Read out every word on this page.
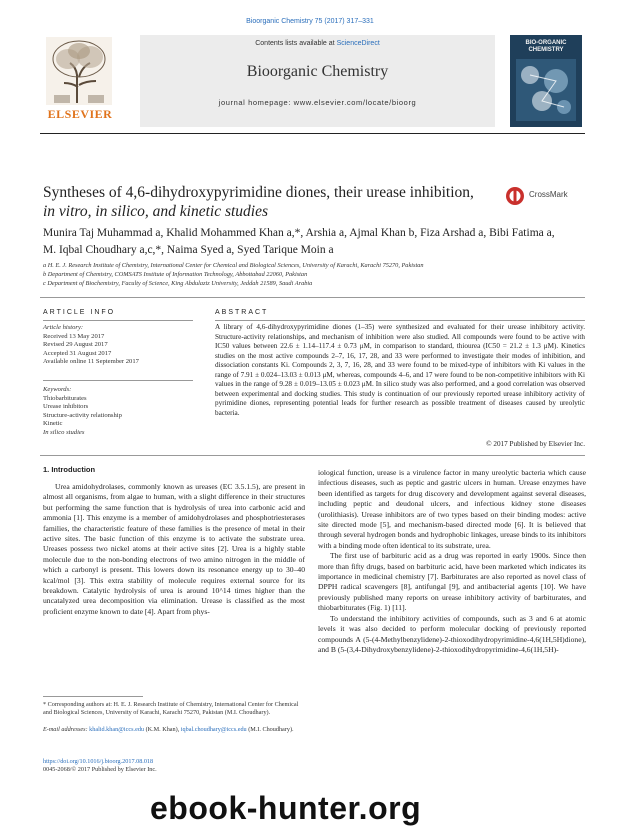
Bioorganic Chemistry 75 (2017) 317–331
ELSEVIER
Contents lists available at ScienceDirect
Bioorganic Chemistry
journal homepage: www.elsevier.com/locate/bioorg
BIO-ORGANIC CHEMISTRY
Syntheses of 4,6-dihydroxypyrimidine diones, their urease inhibition,
in vitro, in silico, and kinetic studies
CrossMark
Munira Taj Muhammad a, Khalid Mohammed Khan a,*, Arshia a, Ajmal Khan b, Fiza Arshad a, Bibi Fatima a,
M. Iqbal Choudhary a,c,*, Naima Syed a, Syed Tarique Moin a
a H. E. J. Research Institute of Chemistry, International Center for Chemical and Biological Sciences, University of Karachi, Karachi 75270, Pakistan
b Department of Chemistry, COMSATS Institute of Information Technology, Abbottabad 22060, Pakistan
c Department of Biochemistry, Faculty of Science, King Abdulaziz University, Jeddah 21589, Saudi Arabia
ARTICLE INFO
Article history:
Received 13 May 2017
Revised 29 August 2017
Accepted 31 August 2017
Available online 11 September 2017
Keywords:
Thiobarbiturates
Urease inhibitors
Structure-activity relationship
Kinetic
In silico studies
ABSTRACT
A library of 4,6-dihydroxypyrimidine diones (1–35) were synthesized and evaluated for their urease inhibitory activity. Structure-activity relationships, and mechanism of inhibition were also studied. All compounds were found to be active with IC50 values between 22.6 ± 1.14–117.4 ± 0.73 μM, in comparison to standard, thiourea (IC50 = 21.2 ± 1.3 μM). Kinetics studies on the most active compounds 2–7, 16, 17, 28, and 33 were performed to investigate their modes of inhibition, and dissociation constants Ki. Compounds 2, 3, 7, 16, 28, and 33 were found to be mixed-type of inhibitors with Ki values in the range of 7.91 ± 0.024–13.03 ± 0.013 μM, whereas, compounds 4–6, and 17 were found to be non-competitive inhibitors with Ki values in the range of 9.28 ± 0.019–13.05 ± 0.023 μM. In silico study was also performed, and a good correlation was observed between experimental and docking studies. This study is continuation of our previously reported urease inhibitory activity of pyrimidine diones, representing potential leads for further research as possible treatment of diseases caused by ureolytic bacteria.
© 2017 Published by Elsevier Inc.
1. Introduction

Urea amidohydrolases, commonly known as ureases (EC 3.5.1.5), are present in almost all organisms, from algae to human, with a slight difference in their structures but performing the same function that is hydrolysis of urea into carbonic acid and ammonia [1]. This enzyme is a member of amidohydrolases and phosphotriesterases families, the characteristic feature of these families is the presence of metal in their active sites. The basic function of this enzyme is to activate the substrate urea. Ureases possess two nickel atoms at their active sites [2]. Urea is a highly stable molecule due to the non-bonding electrons of two amino nitrogen in the middle of which a carbonyl is present. This lowers down its resonance energy up to 30–40 kcal/mol [3]. This extra stability of molecule requires external source for its breakdown. Catalytic hydrolysis of urea is around 10^14 times higher than the uncatalyzed urea decomposition via elimination. Urease is classified as the most proficient enzyme known to date [4]. Apart from phys-

iological function, urease is a virulence factor in many ureolytic bacteria which cause infectious diseases, such as peptic and gastric ulcers in human. Urease enzymes have been identified as targets for drug discovery and development against several diseases, including peptic and deudonal ulcers, and infectious kidney stone diseases (urolithiasis). Urease inhibitors are of two types based on their binding modes: active site directed mode [5], and mechanism-based directed mode [6]. It is believed that through several hydrogen bonds and hydrophobic linkages, urease binds to its inhibitors with a binding mode often identical to its substrate, urea.

The first use of barbituric acid as a drug was reported in early 1900s. Since then more than fifty drugs, based on barbituric acid, have been marketed which indicates its importance in medicinal chemistry [7]. Barbiturates are also reported as novel class of DPPH radical scavengers [8], antifungal [9], and antibacterial agents [10]. We have previously published many reports on urease inhibitory activity of barbiturates, and thiobarbiturates (Fig. 1) [11].

To understand the inhibitory activities of compounds, such as 3 and 6 at atomic levels it was also decided to perform molecular docking of previously reported compounds A (5-(4-Methylbenzylidene)-2-thioxodihydropyrimidine-4,6(1H,5H)dione), and B (5-(3,4-Dihydroxybenzylidene)-2-thioxodihydropyrimidine-4,6(1H,5H)-

* Corresponding authors at: H. E. J. Research Institute of Chemistry, International Center for Chemical and Biological Sciences, University of Karachi, Karachi 75270, Pakistan (M.I. Choudhary).
E-mail addresses: khalid.khan@iccs.edu (K.M. Khan), iqbal.choudhary@iccs.edu (M.I. Choudhary).
https://doi.org/10.1016/j.bioorg.2017.08.018
0045-2068/© 2017 Published by Elsevier Inc.
ebook-hunter.org
